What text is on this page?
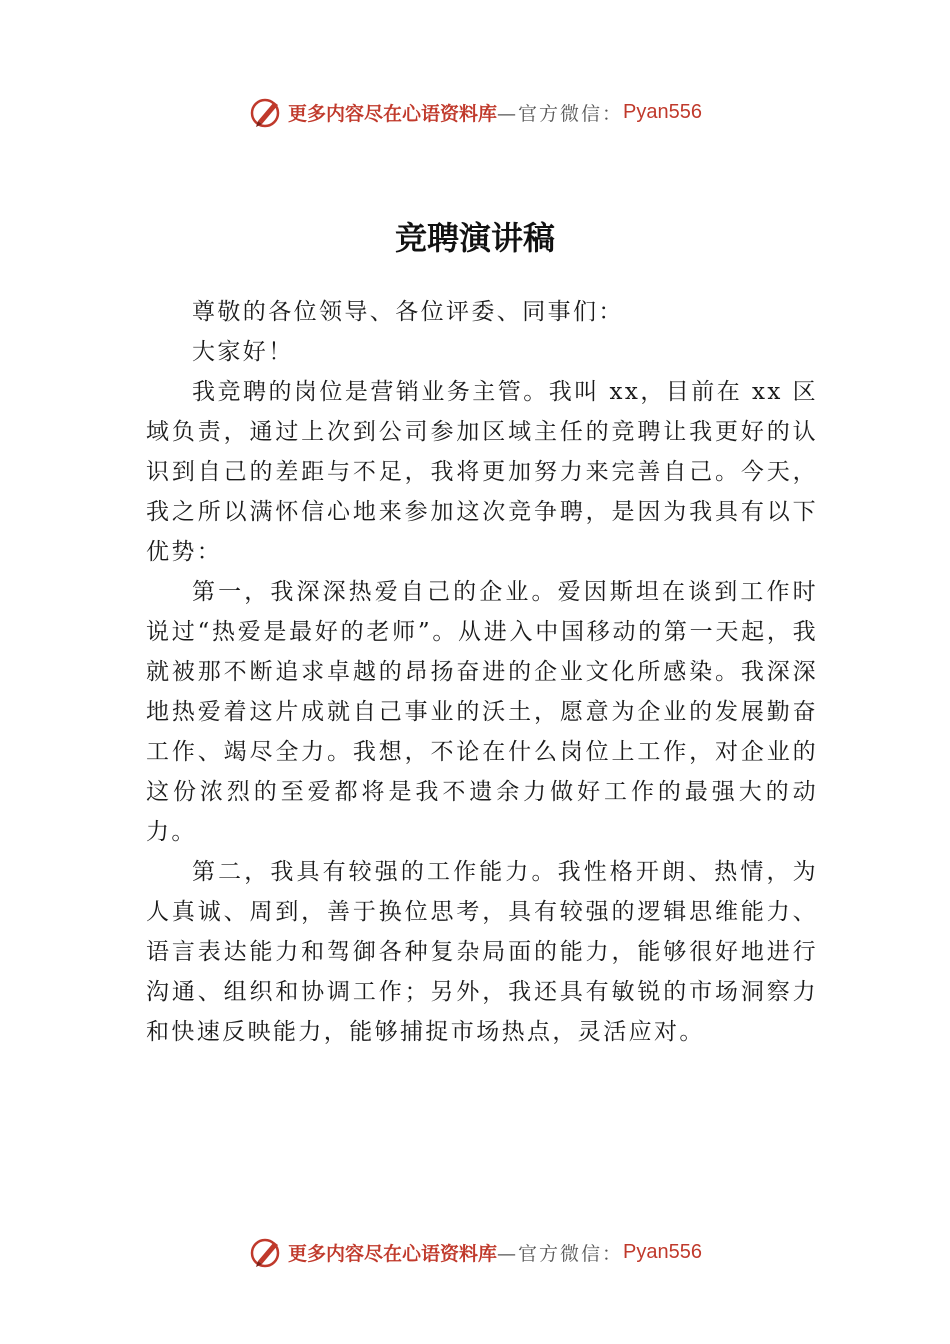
更多内容尽在心语资料库 —官方微信： Pyan556
竞聘演讲稿

尊敬的各位领导、各位评委、同事们：

大家好！

我竞聘的岗位是营销业务主管。我叫 xx，目前在 xx 区域负责，通过上次到公司参加区域主任的竞聘让我更好的认识到自己的差距与不足，我将更加努力来完善自己。今天，我之所以满怀信心地来参加这次竞争聘，是因为我具有以下优势：

第一，我深深热爱自己的企业。爱因斯坦在谈到工作时说过“热爱是最好的老师”。从进入中国移动的第一天起，我就被那不断追求卓越的昂扬奋进的企业文化所感染。我深深地热爱着这片成就自己事业的沃土，愿意为企业的发展勤奋工作、竭尽全力。我想，不论在什么岗位上工作，对企业的这份浓烈的至爱都将是我不遗余力做好工作的最强大的动力。

第二，我具有较强的工作能力。我性格开朗、热情，为人真诚、周到，善于换位思考，具有较强的逻辑思维能力、语言表达能力和驾御各种复杂局面的能力，能够很好地进行沟通、组织和协调工作；另外，我还具有敏锐的市场洞察力和快速反映能力，能够捕捉市场热点，灵活应对。

更多内容尽在心语资料库 —官方微信： Pyan556
